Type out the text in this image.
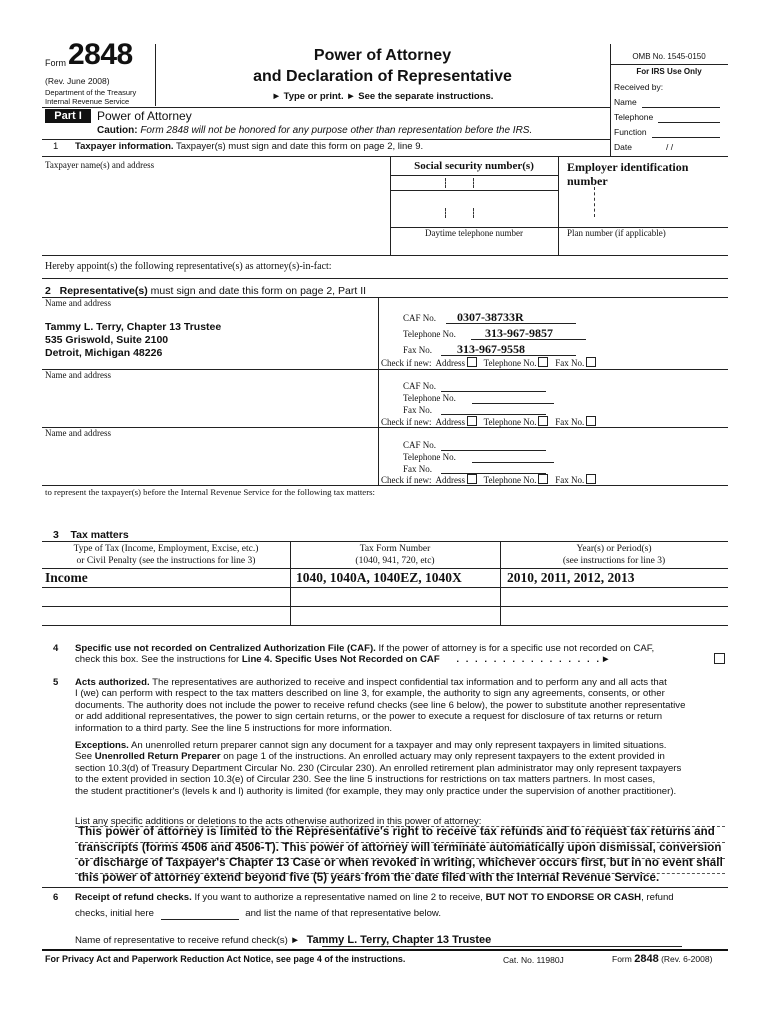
Form 2848
(Rev. June 2008)
Department of the Treasury
Internal Revenue Service
Power of Attorney
and Declaration of Representative
► Type or print. ► See the separate instructions.
OMB No. 1545-0150
For IRS Use Only
Received by:
Name
Telephone
Function
Date	/ /
Part I	Power of Attorney
Caution: Form 2848 will not be honored for any purpose other than representation before the IRS.
1 Taxpayer information. Taxpayer(s) must sign and date this form on page 2, line 9.
Taxpayer name(s) and address	Social security number(s)	Employer identification number
Daytime telephone number	Plan number (if applicable)
Hereby appoint(s) the following representative(s) as attorney(s)-in-fact:
2 Representative(s) must sign and date this form on page 2, Part II
Name and address
Tammy L. Terry, Chapter 13 Trustee
535 Griswold, Suite 2100
Detroit, Michigan 48226
CAF No. 0307-38733R
Telephone No. 313-967-9857
Fax No. 313-967-9558
Check if new: Address Telephone No. Fax No.
Name and address
CAF No.
Telephone No.
Fax No.
Check if new: Address Telephone No. Fax No.
Name and address
CAF No.
Telephone No.
Fax No.
Check if new: Address Telephone No. Fax No.
to represent the taxpayer(s) before the Internal Revenue Service for the following tax matters:
3 Tax matters
Type of Tax (Income, Employment, Excise, etc.)
or Civil Penalty (see the instructions for line 3)
Tax Form Number
(1040, 941, 720, etc)
Year(s) or Period(s)
(see instructions for line 3)
Income	1040, 1040A, 1040EZ, 1040X	2010, 2011, 2012, 2013
4 Specific use not recorded on Centralized Authorization File (CAF). If the power of attorney is for a specific use not recorded on CAF,
check this box. See the instructions for Line 4. Specific Uses Not Recorded on CAF . . . . . . . . . . . . . . . .►
5 Acts authorized. The representatives are authorized to receive and inspect confidential tax information and to perform any and all acts that
I (we) can perform with respect to the tax matters described on line 3, for example, the authority to sign any agreements, consents, or other
documents. The authority does not include the power to receive refund checks (see line 6 below), the power to substitute another representative
or add additional representatives, the power to sign certain returns, or the power to execute a request for disclosure of tax returns or return
information to a third party. See the line 5 instructions for more information.
Exceptions. An unenrolled return preparer cannot sign any document for a taxpayer and may only represent taxpayers in limited situations.
See Unenrolled Return Preparer on page 1 of the instructions. An enrolled actuary may only represent taxpayers to the extent provided in
section 10.3(d) of Treasury Department Circular No. 230 (Circular 230). An enrolled retirement plan administrator may only represent taxpayers
to the extent provided in section 10.3(e) of Circular 230. See the line 5 instructions for restrictions on tax matters partners. In most cases,
the student practitioner's (levels k and l) authority is limited (for example, they may only practice under the supervision of another practitioner).
List any specific additions or deletions to the acts otherwise authorized in this power of attorney:
This power of attorney is limited to the Representative's right to receive tax refunds and to request tax returns and
transcripts (forms 4506 and 4506-T). This power of attorney will terminate automatically upon dismissal, conversion
or discharge of Taxpayer's Chapter 13 Case or when revoked in writing, whichever occurs first, but in no event shall
this power of attorney extend beyond five (5) years from the date filed with the Internal Revenue Service.
6 Receipt of refund checks. If you want to authorize a representative named on line 2 to receive, BUT NOT TO ENDORSE OR CASH, refund
checks, initial here	and list the name of that representative below.
Name of representative to receive refund check(s) ► Tammy L. Terry, Chapter 13 Trustee
For Privacy Act and Paperwork Reduction Act Notice, see page 4 of the instructions.	Cat. No. 11980J	Form 2848 (Rev. 6-2008)
